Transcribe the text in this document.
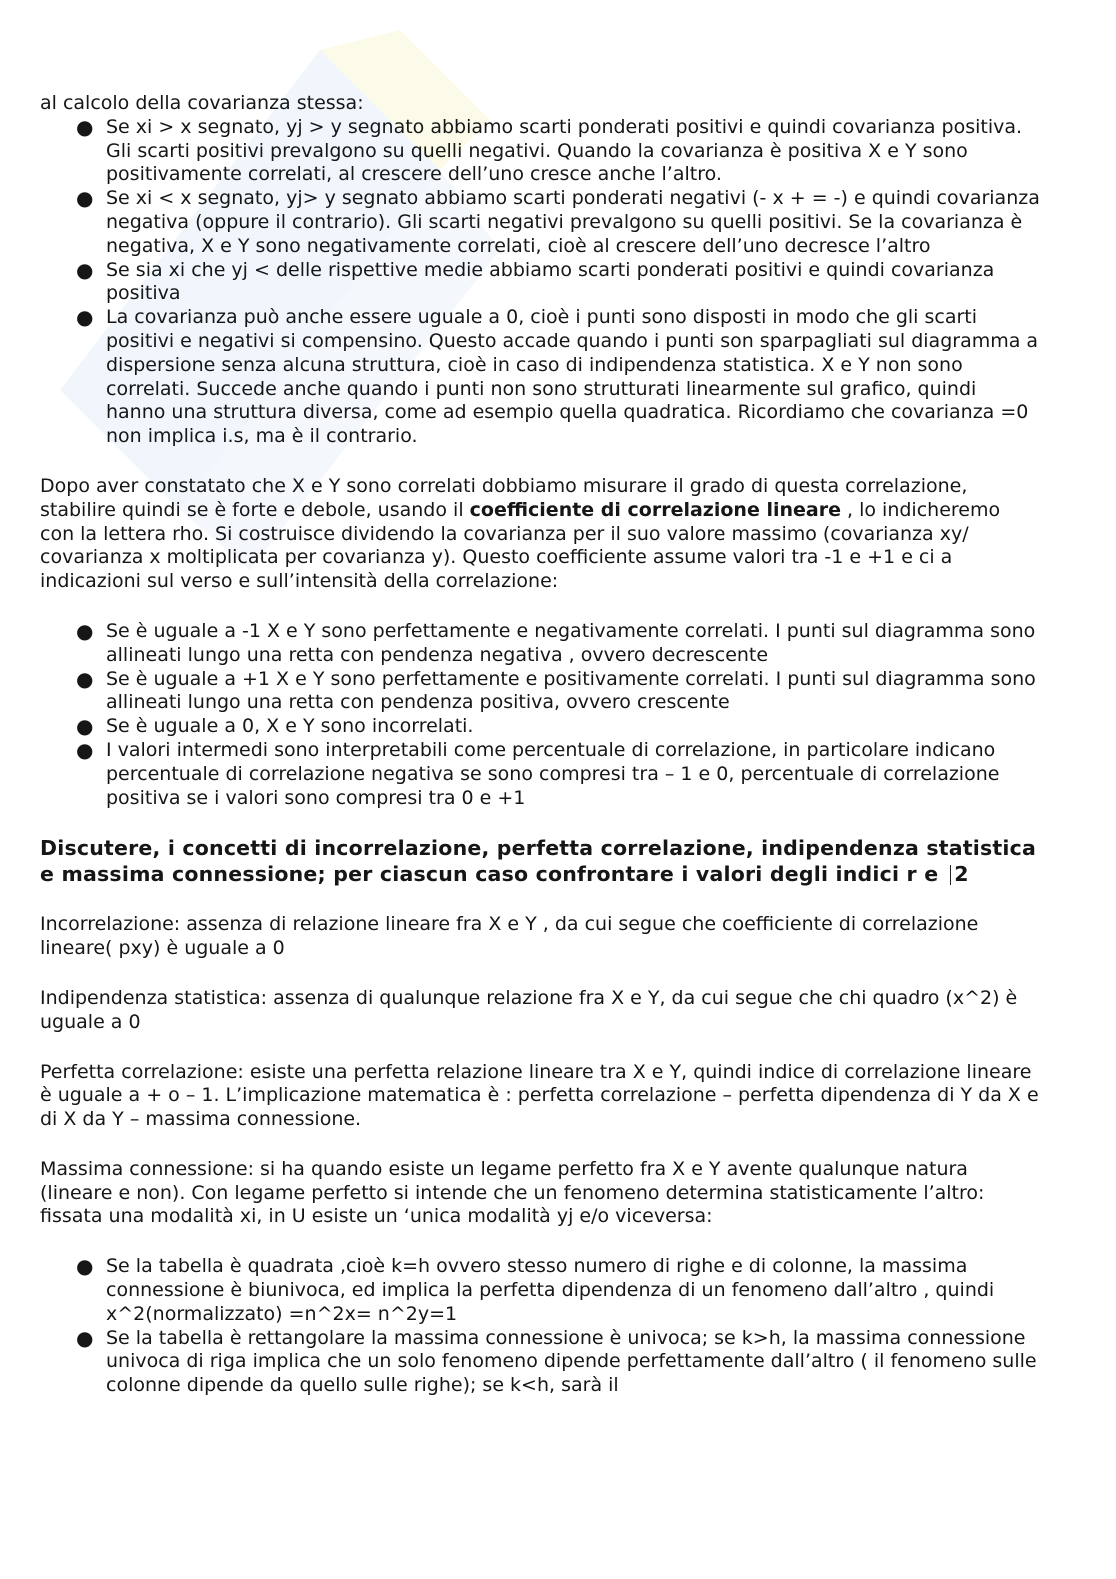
al calcolo della covarianza stessa:

● Se xi > x segnato, yj > y segnato abbiamo scarti ponderati positivi e quindi covarianza positiva. Gli scarti positivi prevalgono su quelli negativi. Quando la covarianza è positiva X e Y sono positivamente correlati, al crescere dell’uno cresce anche l’altro.
● Se xi < x segnato, yj> y segnato abbiamo scarti ponderati negativi (- x + = -) e quindi covarianza negativa (oppure il contrario). Gli scarti negativi prevalgono su quelli positivi. Se la covarianza è negativa, X e Y sono negativamente correlati, cioè al crescere dell’uno decresce l’altro
● Se sia xi che yj < delle rispettive medie abbiamo scarti ponderati positivi e quindi covarianza positiva
● La covarianza può anche essere uguale a 0, cioè i punti sono disposti in modo che gli scarti positivi e negativi si compensino. Questo accade quando i punti son sparpagliati sul diagramma a dispersione senza alcuna struttura, cioè in caso di indipendenza statistica. X e Y non sono correlati. Succede anche quando i punti non sono strutturati linearmente sul grafico, quindi hanno una struttura diversa, come ad esempio quella quadratica. Ricordiamo che covarianza =0 non implica i.s, ma è il contrario.

Dopo aver constatato che X e Y sono correlati dobbiamo misurare il grado di questa correlazione, stabilire quindi se è forte e debole, usando il coefficiente di correlazione lineare , lo indicheremo con la lettera rho. Si costruisce dividendo la covarianza per il suo valore massimo (covarianza xy/ covarianza x moltiplicata per covarianza y). Questo coefficiente assume valori tra -1 e +1 e ci a indicazioni sul verso e sull’intensità della correlazione:

● Se è uguale a -1 X e Y sono perfettamente e negativamente correlati. I punti sul diagramma sono allineati lungo una retta con pendenza negativa , ovvero decrescente
● Se è uguale a +1 X e Y sono perfettamente e positivamente correlati. I punti sul diagramma sono allineati lungo una retta con pendenza positiva, ovvero crescente
● Se è uguale a 0, X e Y sono incorrelati.
● I valori intermedi sono interpretabili come percentuale di correlazione, in particolare indicano percentuale di correlazione negativa se sono compresi tra – 1 e 0, percentuale di correlazione positiva se i valori sono compresi tra 0 e +1
Discutere, i concetti di incorrelazione, perfetta correlazione, indipendenza statistica e massima connessione; per ciascun caso confrontare i valori degli indici r e 2

Incorrelazione: assenza di relazione lineare fra X e Y , da cui segue che coefficiente di correlazione lineare( pxy) è uguale a 0

Indipendenza statistica: assenza di qualunque relazione fra X e Y, da cui segue che chi quadro (x^2) è uguale a 0

Perfetta correlazione: esiste una perfetta relazione lineare tra X e Y, quindi indice di correlazione lineare è uguale a + o – 1. L’implicazione matematica è : perfetta correlazione – perfetta dipendenza di Y da X e di X da Y – massima connessione.

Massima connessione: si ha quando esiste un legame perfetto fra X e Y avente qualunque natura (lineare e non). Con legame perfetto si intende che un fenomeno determina statisticamente l’altro: fissata una modalità xi, in U esiste un ‘unica modalità yj e/o viceversa:

● Se la tabella è quadrata ,cioè k=h ovvero stesso numero di righe e di colonne, la massima connessione è biunivoca, ed implica la perfetta dipendenza di un fenomeno dall’altro , quindi x^2(normalizzato) =n^2x= n^2y=1
● Se la tabella è rettangolare la massima connessione è univoca; se k>h, la massima connessione univoca di riga implica che un solo fenomeno dipende perfettamente dall’altro ( il fenomeno sulle colonne dipende da quello sulle righe); se k<h, sarà il
